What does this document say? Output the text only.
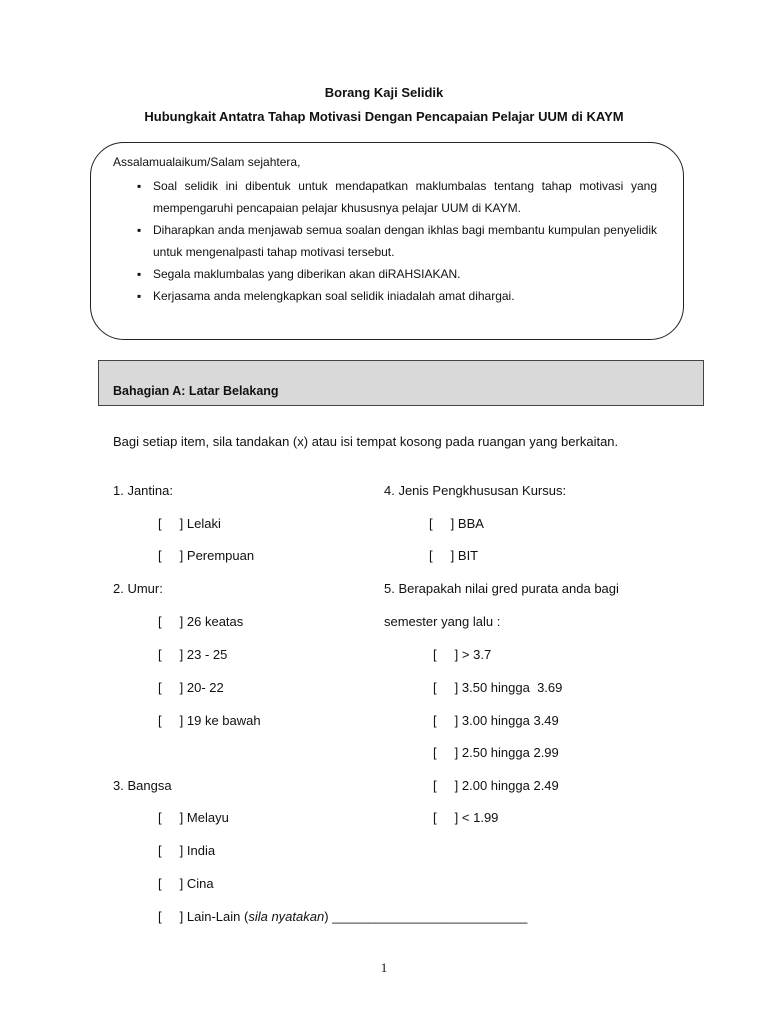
Borang Kaji Selidik
Hubungkait Antatra Tahap Motivasi Dengan Pencapaian Pelajar UUM di KAYM
Assalamualaikum/Salam sejahtera,
▪ Soal selidik ini dibentuk untuk mendapatkan maklumbalas tentang tahap motivasi yang mempengaruhi pencapaian pelajar khususnya pelajar UUM di KAYM.
▪ Diharapkan anda menjawab semua soalan dengan ikhlas bagi membantu kumpulan penyelidik untuk mengenalpasti tahap motivasi tersebut.
▪ Segala maklumbalas yang diberikan akan diRAHSIAKAN.
▪ Kerjasama anda melengkapkan soal selidik iniadalah amat dihargai.
Bahagian A: Latar Belakang
Bagi setiap item, sila tandakan (x) atau isi tempat kosong pada ruangan yang berkaitan.
1. Jantina:
[     ] Lelaki
[     ] Perempuan
2. Umur:
[     ] 26 keatas
[     ] 23 - 25
[     ] 20- 22
[     ] 19 ke bawah
3. Bangsa
[     ] Melayu
[     ] India
[     ] Cina
[     ] Lain-Lain (sila nyatakan) ___________________________
4. Jenis Pengkhususan Kursus:
[     ] BBA
[     ] BIT
5. Berapakah nilai gred purata anda bagi
semester yang lalu :
[     ] > 3.7
[     ] 3.50 hingga  3.69
[     ] 3.00 hingga 3.49
[     ] 2.50 hingga 2.99
[     ] 2.00 hingga 2.49
[     ] < 1.99
1
